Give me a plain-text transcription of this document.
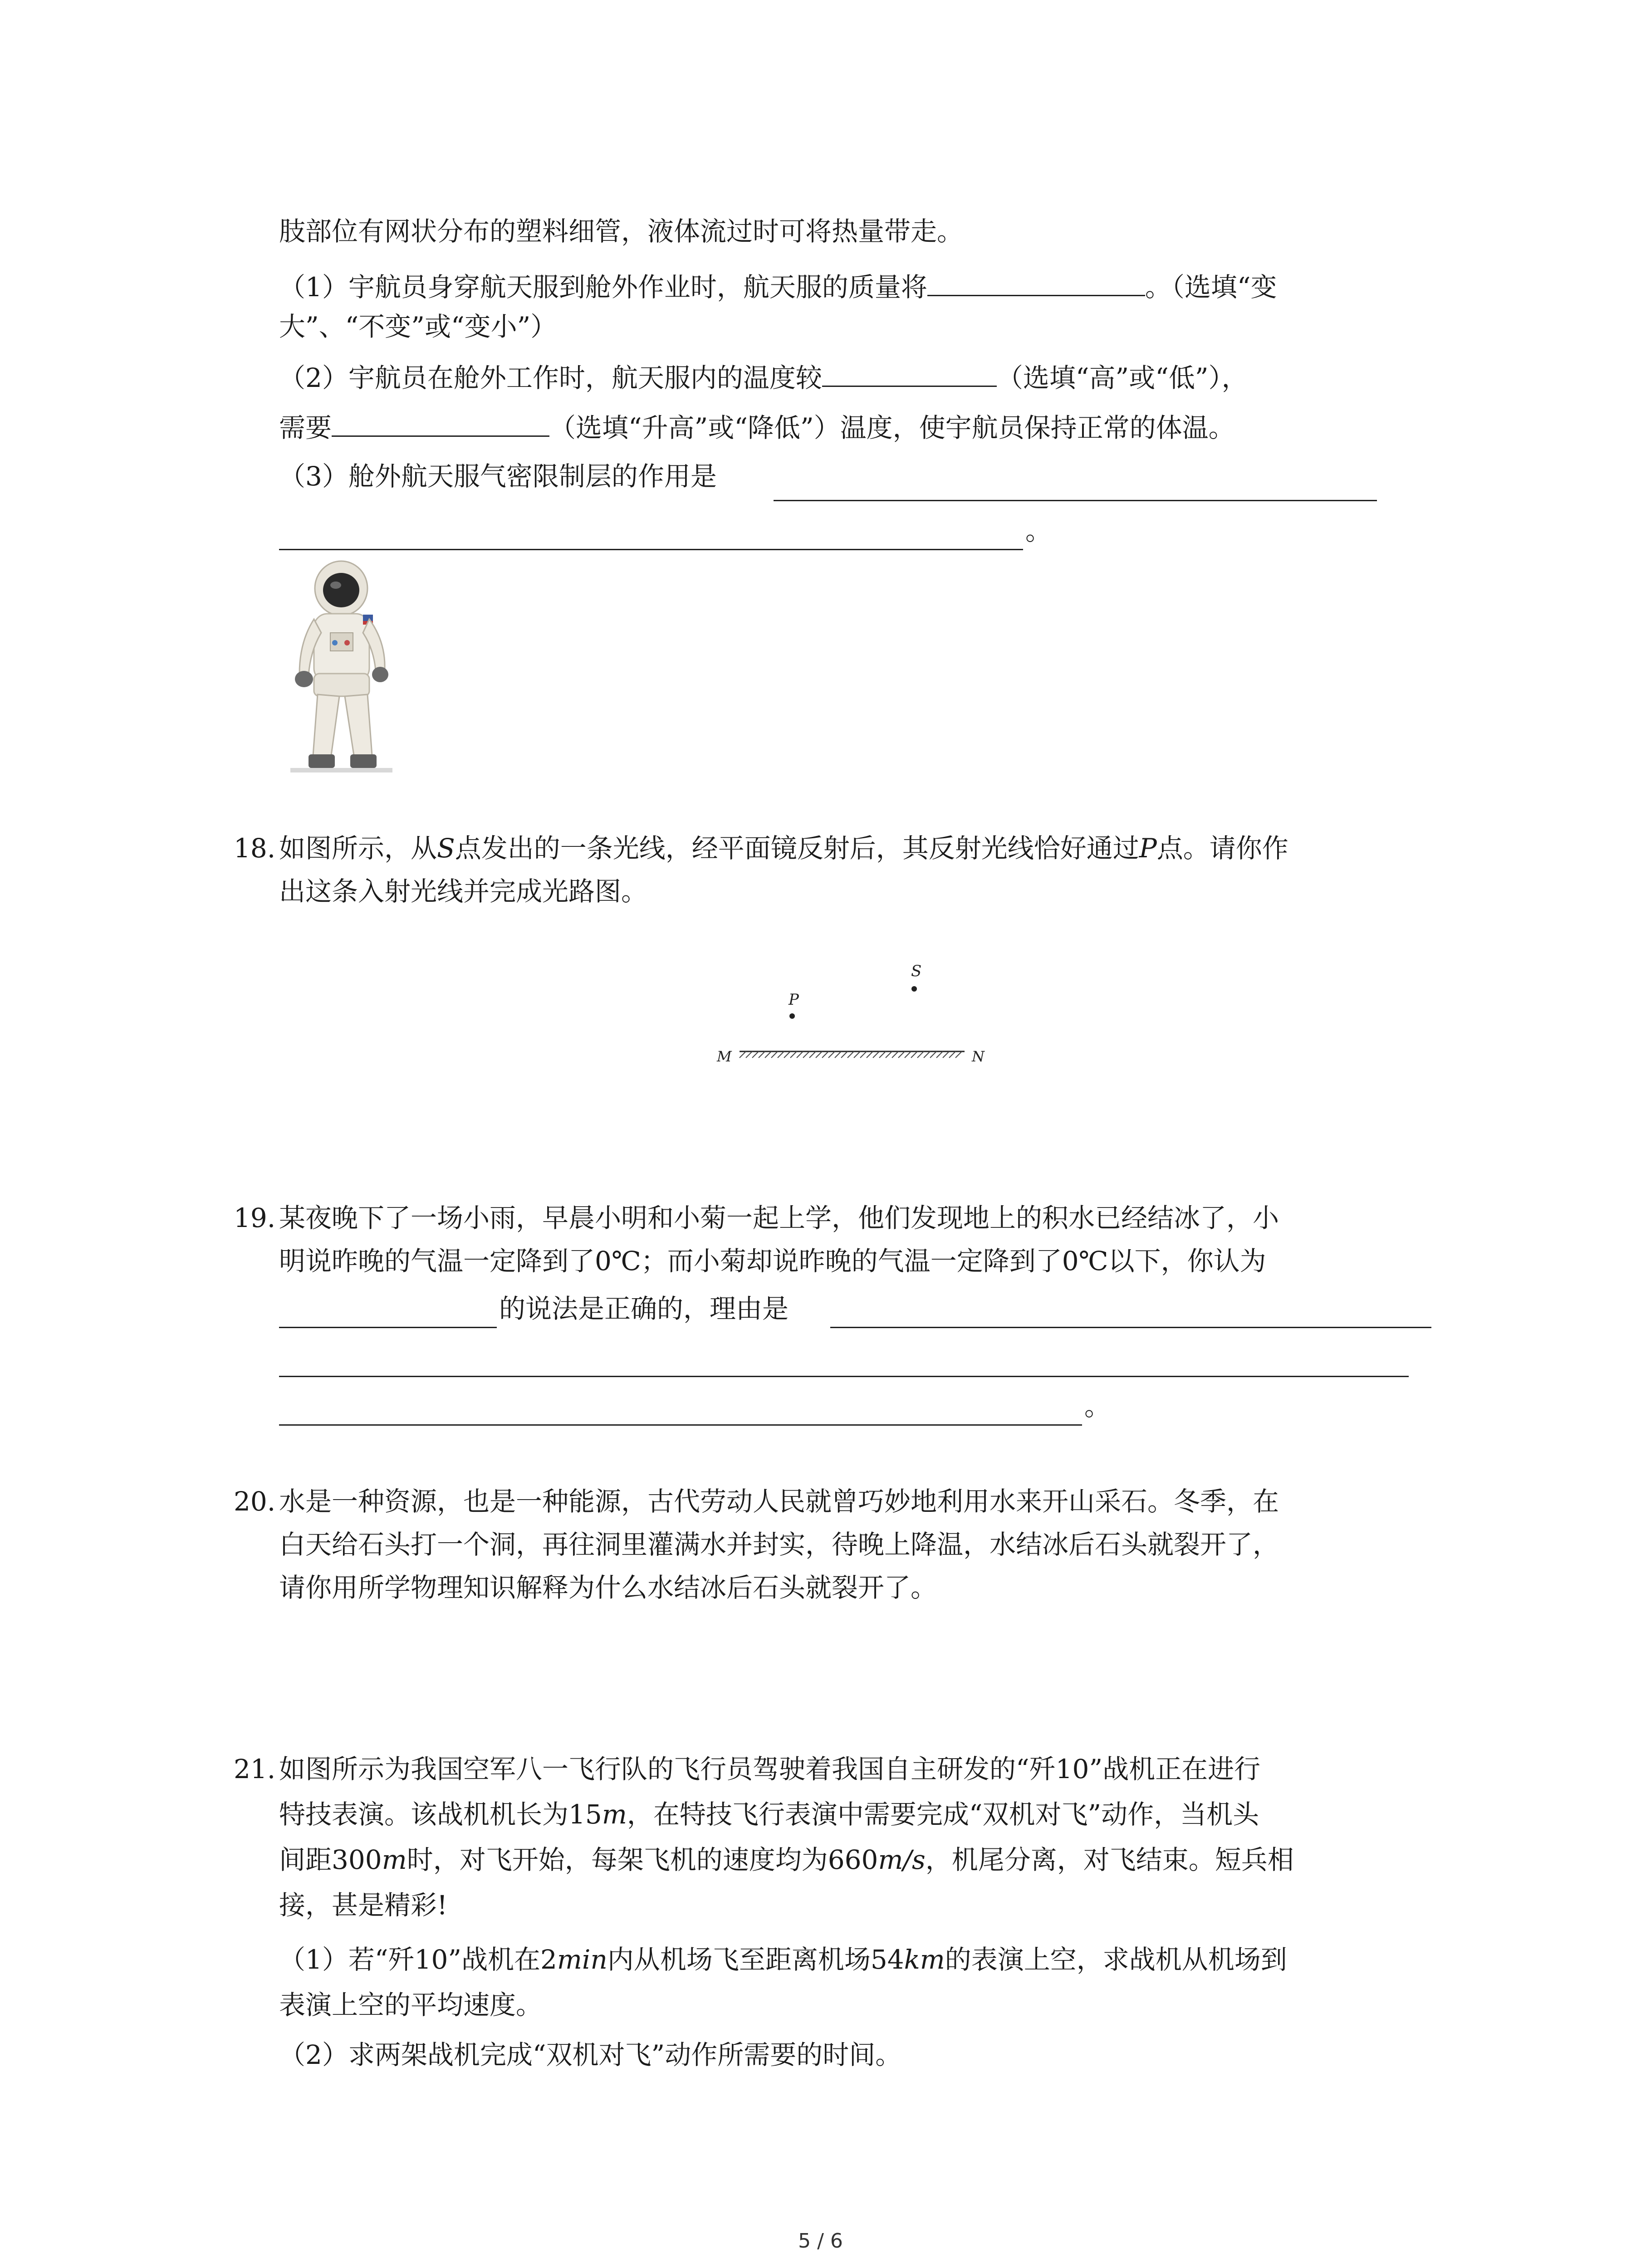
肢部位有网状分布的塑料细管，液体流过时可将热量带走。
（1）宇航员身穿航天服到舱外作业时，航天服的质量将	。（选填“变
大”、“不变”或“变小”）
（2）宇航员在舱外工作时，航天服内的温度较	（选填“高”或“低”），
需要	（选填“升高”或“降低”）温度，使宇航员保持正常的体温。
（3）舱外航天服气密限制层的作用是
。
18. 如图所示，从S点发出的一条光线，经平面镜反射后，其反射光线恰好通过P点。请你作
出这条入射光线并完成光路图。
S
P
M	N
19. 某夜晚下了一场小雨，早晨小明和小菊一起上学，他们发现地上的积水已经结冰了，小
明说昨晚的气温一定降到了0℃；而小菊却说昨晚的气温一定降到了0℃以下，你认为
的说法是正确的，理由是
。
20. 水是一种资源，也是一种能源，古代劳动人民就曾巧妙地利用水来开山采石。冬季，在
白天给石头打一个洞，再往洞里灌满水并封实，待晚上降温，水结冰后石头就裂开了，
请你用所学物理知识解释为什么水结冰后石头就裂开了。
21. 如图所示为我国空军八一飞行队的飞行员驾驶着我国自主研发的“歼10”战机正在进行
特技表演。该战机机长为15m，在特技飞行表演中需要完成“双机对飞”动作，当机头
间距300m时，对飞开始，每架飞机的速度均为660m/s，机尾分离，对飞结束。短兵相
接，甚是精彩!
（1）若“歼10”战机在2min内从机场飞至距离机场54km的表演上空，求战机从机场到
表演上空的平均速度。
（2）求两架战机完成“双机对飞”动作所需要的时间。
5 / 6
